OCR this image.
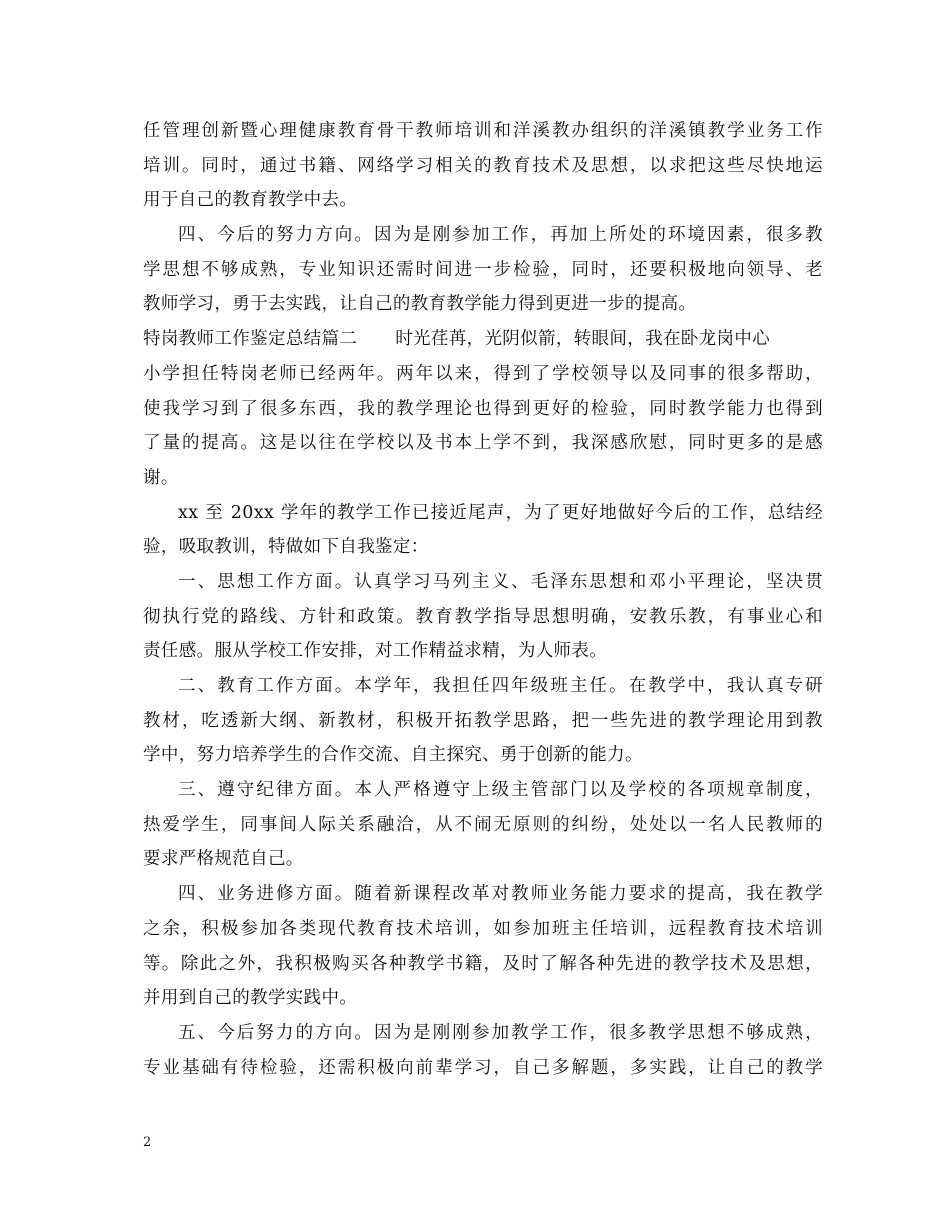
任管理创新暨心理健康教育骨干教师培训和洋溪教办组织的洋溪镇教学业务工作
培训。同时，通过书籍、网络学习相关的教育技术及思想，以求把这些尽快地运
用于自己的教育教学中去。
四、今后的努力方向。因为是刚参加工作，再加上所处的环境因素，很多教
学思想不够成熟，专业知识还需时间进一步检验，同时，还要积极地向领导、老
教师学习，勇于去实践，让自己的教育教学能力得到更进一步的提高。
特岗教师工作鉴定总结篇二 时光荏苒，光阴似箭，转眼间，我在卧龙岗中心
小学担任特岗老师已经两年。两年以来，得到了学校领导以及同事的很多帮助，
使我学习到了很多东西，我的教学理论也得到更好的检验，同时教学能力也得到
了量的提高。这是以往在学校以及书本上学不到，我深感欣慰，同时更多的是感
谢。
xx 至 20xx 学年的教学工作已接近尾声，为了更好地做好今后的工作，总结经
验，吸取教训，特做如下自我鉴定：
一、思想工作方面。认真学习马列主义、毛泽东思想和邓小平理论，坚决贯
彻执行党的路线、方针和政策。教育教学指导思想明确，安教乐教，有事业心和
责任感。服从学校工作安排，对工作精益求精，为人师表。
二、教育工作方面。本学年，我担任四年级班主任。在教学中，我认真专研
教材，吃透新大纲、新教材，积极开拓教学思路，把一些先进的教学理论用到教
学中，努力培养学生的合作交流、自主探究、勇于创新的能力。
三、遵守纪律方面。本人严格遵守上级主管部门以及学校的各项规章制度，
热爱学生，同事间人际关系融洽，从不闹无原则的纠纷，处处以一名人民教师的
要求严格规范自己。
四、业务进修方面。随着新课程改革对教师业务能力要求的提高，我在教学
之余，积极参加各类现代教育技术培训，如参加班主任培训，远程教育技术培训
等。除此之外，我积极购买各种教学书籍，及时了解各种先进的教学技术及思想，
并用到自己的教学实践中。
五、今后努力的方向。因为是刚刚参加教学工作，很多教学思想不够成熟，
专业基础有待检验，还需积极向前辈学习，自己多解题，多实践，让自己的教学
2
